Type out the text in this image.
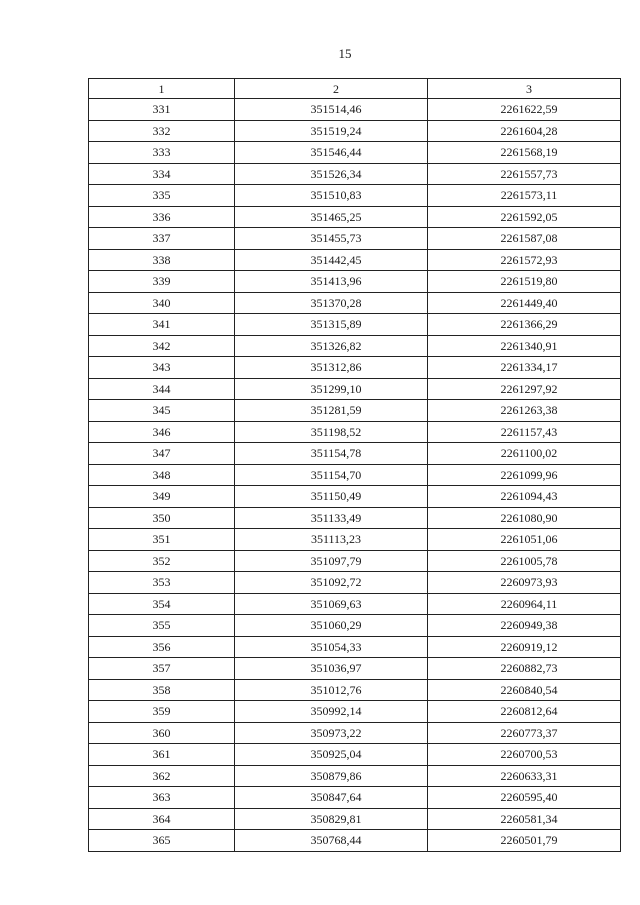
15
1	2	3
331	351514,46	2261622,59
332	351519,24	2261604,28
333	351546,44	2261568,19
334	351526,34	2261557,73
335	351510,83	2261573,11
336	351465,25	2261592,05
337	351455,73	2261587,08
338	351442,45	2261572,93
339	351413,96	2261519,80
340	351370,28	2261449,40
341	351315,89	2261366,29
342	351326,82	2261340,91
343	351312,86	2261334,17
344	351299,10	2261297,92
345	351281,59	2261263,38
346	351198,52	2261157,43
347	351154,78	2261100,02
348	351154,70	2261099,96
349	351150,49	2261094,43
350	351133,49	2261080,90
351	351113,23	2261051,06
352	351097,79	2261005,78
353	351092,72	2260973,93
354	351069,63	2260964,11
355	351060,29	2260949,38
356	351054,33	2260919,12
357	351036,97	2260882,73
358	351012,76	2260840,54
359	350992,14	2260812,64
360	350973,22	2260773,37
361	350925,04	2260700,53
362	350879,86	2260633,31
363	350847,64	2260595,40
364	350829,81	2260581,34
365	350768,44	2260501,79
